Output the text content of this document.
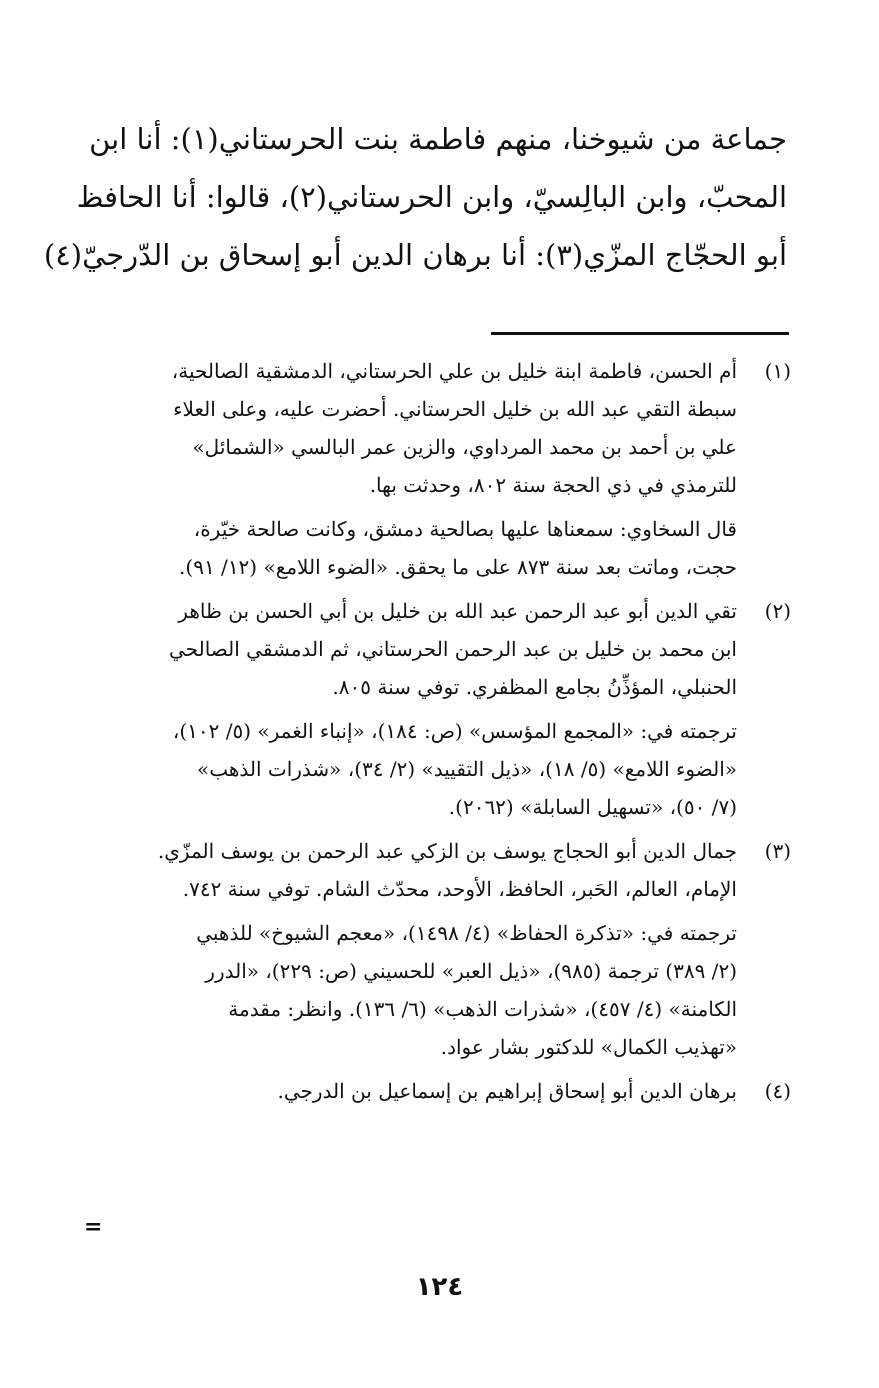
جماعة من شيوخنا، منهم فاطمة بنت الحرستاني(١): أنا ابن
المحبّ، وابن البالِسيّ، وابن الحرستاني(٢)، قالوا: أنا الحافظ
أبو الحجّاج المزّي(٣): أنا برهان الدين أبو إسحاق بن الدّرجيّ(٤)
(١)
أم الحسن، فاطمة ابنة خليل بن علي الحرستاني، الدمشقية الصالحية،
سبطة التقي عبد الله بن خليل الحرستاني. أحضرت عليه، وعلى العلاء
علي بن أحمد بن محمد المرداوي، والزين عمر البالسي «الشمائل»
للترمذي في ذي الحجة سنة ٨٠٢، وحدثت بها.
قال السخاوي: سمعناها عليها بصالحية دمشق، وكانت صالحة خيّرة،
حجت، وماتت بعد سنة ٨٧٣ على ما يحقق. «الضوء اللامع» (١٢/ ٩١).
(٢)
تقي الدين أبو عبد الرحمن عبد الله بن خليل بن أبي الحسن بن ظاهر
ابن محمد بن خليل بن عبد الرحمن الحرستاني، ثم الدمشقي الصالحي
الحنبلي، المؤذِّنُ بجامع المظفري. توفي سنة ٨٠٥.
ترجمته في: «المجمع المؤسس» (ص: ١٨٤)، «إنباء الغمر» (٥/ ١٠٢)،
«الضوء اللامع» (٥/ ١٨)، «ذيل التقييد» (٢/ ٣٤)، «شذرات الذهب»
(٧/ ٥٠)، «تسهيل السابلة» (٢٠٦٢).
(٣)
جمال الدين أبو الحجاج يوسف بن الزكي عبد الرحمن بن يوسف المزّي.
الإمام، العالم، الحَبر، الحافظ، الأوحد، محدّث الشام. توفي سنة ٧٤٢.
ترجمته في: «تذكرة الحفاظ» (٤/ ١٤٩٨)، «معجم الشيوخ» للذهبي
(٢/ ٣٨٩) ترجمة (٩٨٥)، «ذيل العبر» للحسيني (ص: ٢٢٩)، «الدرر
الكامنة» (٤/ ٤٥٧)، «شذرات الذهب» (٦/ ١٣٦). وانظر: مقدمة
«تهذيب الكمال» للدكتور بشار عواد.
(٤)
برهان الدين أبو إسحاق إبراهيم بن إسماعيل بن الدرجي.
=
١٢٤
